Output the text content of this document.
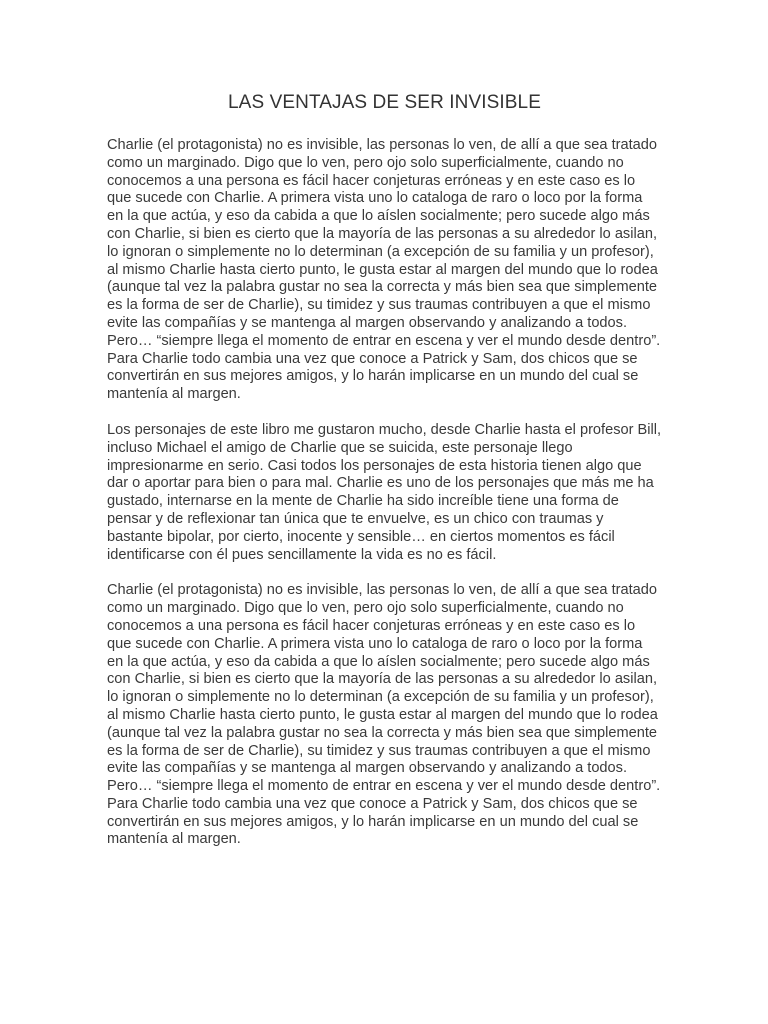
LAS VENTAJAS DE SER INVISIBLE

Charlie (el protagonista) no es invisible, las personas lo ven, de allí a que sea tratado como un marginado. Digo que lo ven, pero ojo solo superficialmente, cuando no conocemos a una persona es fácil hacer conjeturas erróneas y en este caso es lo que sucede con Charlie. A primera vista uno lo cataloga de raro o loco por la forma en la que actúa, y eso da cabida a que lo aíslen socialmente; pero sucede algo más con Charlie, si bien es cierto que la mayoría de las personas a su alrededor lo asilan, lo ignoran o simplemente no lo determinan (a excepción de su familia y un profesor), al mismo Charlie hasta cierto punto, le gusta estar al margen del mundo que lo rodea (aunque tal vez la palabra gustar no sea la correcta y más bien sea que simplemente es la forma de ser de Charlie), su timidez y sus traumas contribuyen a que el mismo evite las compañías y se mantenga al margen observando y analizando a todos. Pero… “siempre llega el momento de entrar en escena y ver el mundo desde dentro”. Para Charlie todo cambia una vez que conoce a Patrick y Sam, dos chicos que se convertirán en sus mejores amigos, y lo harán implicarse en un mundo del cual se mantenía al margen.

Los personajes de este libro me gustaron mucho, desde Charlie hasta el profesor Bill, incluso Michael el amigo de Charlie que se suicida, este personaje llego impresionarme en serio. Casi todos los personajes de esta historia tienen algo que dar o aportar para bien o para mal. Charlie es uno de los personajes que más me ha gustado, internarse en la mente de Charlie ha sido increíble tiene una forma de pensar y de reflexionar tan única que te envuelve, es un chico con traumas y bastante bipolar, por cierto, inocente y sensible… en ciertos momentos es fácil identificarse con él pues sencillamente la vida es no es fácil.

Charlie (el protagonista) no es invisible, las personas lo ven, de allí a que sea tratado como un marginado. Digo que lo ven, pero ojo solo superficialmente, cuando no conocemos a una persona es fácil hacer conjeturas erróneas y en este caso es lo que sucede con Charlie. A primera vista uno lo cataloga de raro o loco por la forma en la que actúa, y eso da cabida a que lo aíslen socialmente; pero sucede algo más con Charlie, si bien es cierto que la mayoría de las personas a su alrededor lo asilan, lo ignoran o simplemente no lo determinan (a excepción de su familia y un profesor), al mismo Charlie hasta cierto punto, le gusta estar al margen del mundo que lo rodea (aunque tal vez la palabra gustar no sea la correcta y más bien sea que simplemente es la forma de ser de Charlie), su timidez y sus traumas contribuyen a que el mismo evite las compañías y se mantenga al margen observando y analizando a todos. Pero… “siempre llega el momento de entrar en escena y ver el mundo desde dentro”. Para Charlie todo cambia una vez que conoce a Patrick y Sam, dos chicos que se convertirán en sus mejores amigos, y lo harán implicarse en un mundo del cual se mantenía al margen.
